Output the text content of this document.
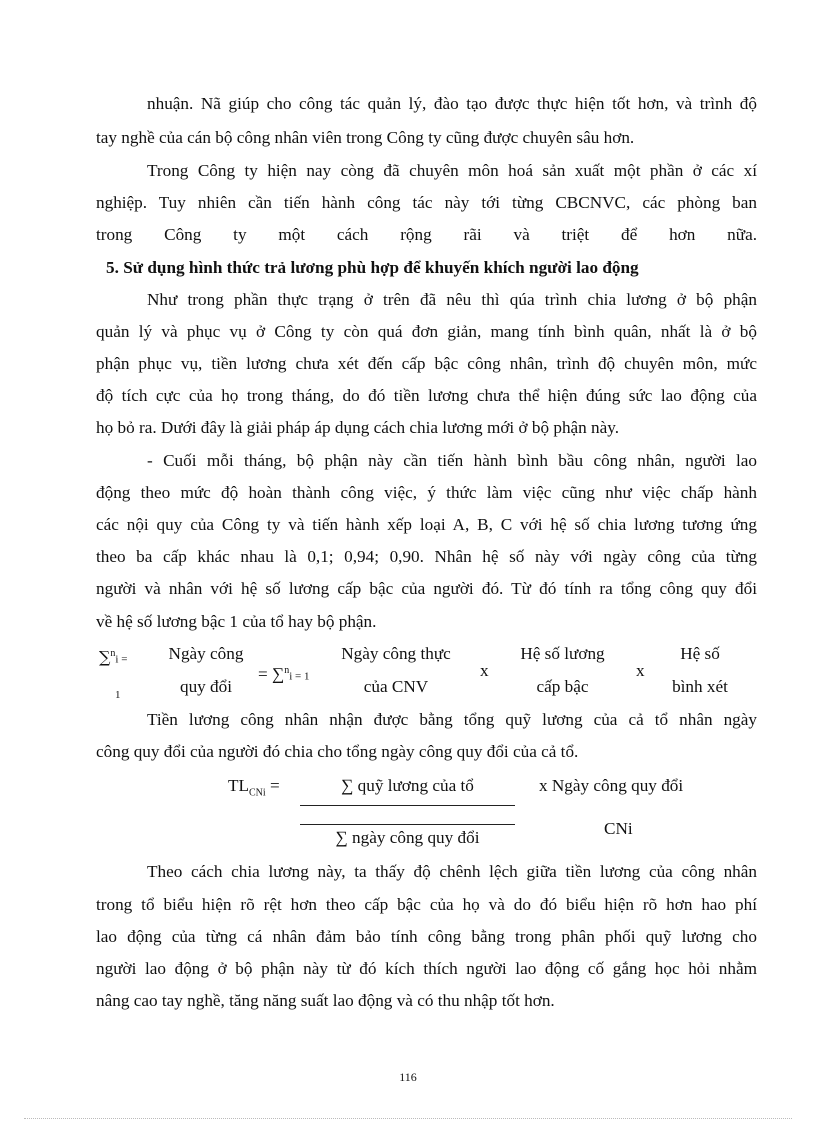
nhuận. Nã giúp cho công tác quản lý, đào tạo được thực hiện tốt hơn, và trình độ
tay nghề của cán bộ công nhân viên trong Công ty cũng được chuyên sâu hơn.
Trong Công ty hiện nay còng đã chuyên môn hoá sản xuất một phần ở các xí
nghiệp. Tuy nhiên cần tiến hành công tác này tới từng CBCNVC, các phòng ban
trong Công ty một cách rộng rãi và triệt để hơn nữa.
5. Sử dụng hình thức trả lương phù hợp để khuyến khích người lao động
Như trong phần thực trạng ở trên đã nêu thì qúa trình chia lương ở bộ phận
quản lý và phục vụ ở Công ty còn quá đơn giản, mang tính bình quân, nhất là ở bộ
phận phục vụ, tiền lương chưa xét đến cấp bậc công nhân, trình độ chuyên môn, mức
độ tích cực của họ trong tháng, do đó tiền lương chưa thể hiện đúng sức lao động của
họ bỏ ra. Dưới đây là giải pháp áp dụng cách chia lương mới ở bộ phận này.
- Cuối mỗi tháng, bộ phận này cần tiến hành bình bầu công nhân, người lao
động theo mức độ hoàn thành công việc, ý thức làm việc cũng như việc chấp hành
các nội quy của Công ty và tiến hành xếp loại A, B, C với hệ số chia lương tương ứng
theo ba cấp khác nhau là 0,1; 0,94; 0,90. Nhân hệ số này với ngày công của từng
người và nhân với hệ số lương cấp bậc của người đó. Từ đó tính ra tổng công quy đổi
về hệ số lương bậc 1 của tổ hay bộ phận.
∑$^n$i =
1
Ngày công
quy đổi
= ∑$^n$i = 1
Ngày công thực
của CNV
x
Hệ số lương
cấp bậc
x
Hệ số
bình xét
Tiền lương công nhân nhận được bằng tổng quỹ lương của cả tổ nhân ngày
công quy đổi của người đó chia cho tổng ngày công quy đổi của cả tổ.
$TL_{CNi}$ =	∑ quỹ lương của tổ
∑ ngày công quy đổi
x Ngày công quy đổi
CNi
Theo cách chia lương này, ta thấy độ chênh lệch giữa tiền lương của công nhân
trong tổ biểu hiện rõ rệt hơn theo cấp bậc của họ và do đó biểu hiện rõ hơn hao phí
lao động của từng cá nhân đảm bảo tính công bằng trong phân phối quỹ lương cho
người lao động ở bộ phận này từ đó kích thích người lao động cố gắng học hỏi nhằm
nâng cao tay nghề, tăng năng suất lao động và có thu nhập tốt hơn.
116
